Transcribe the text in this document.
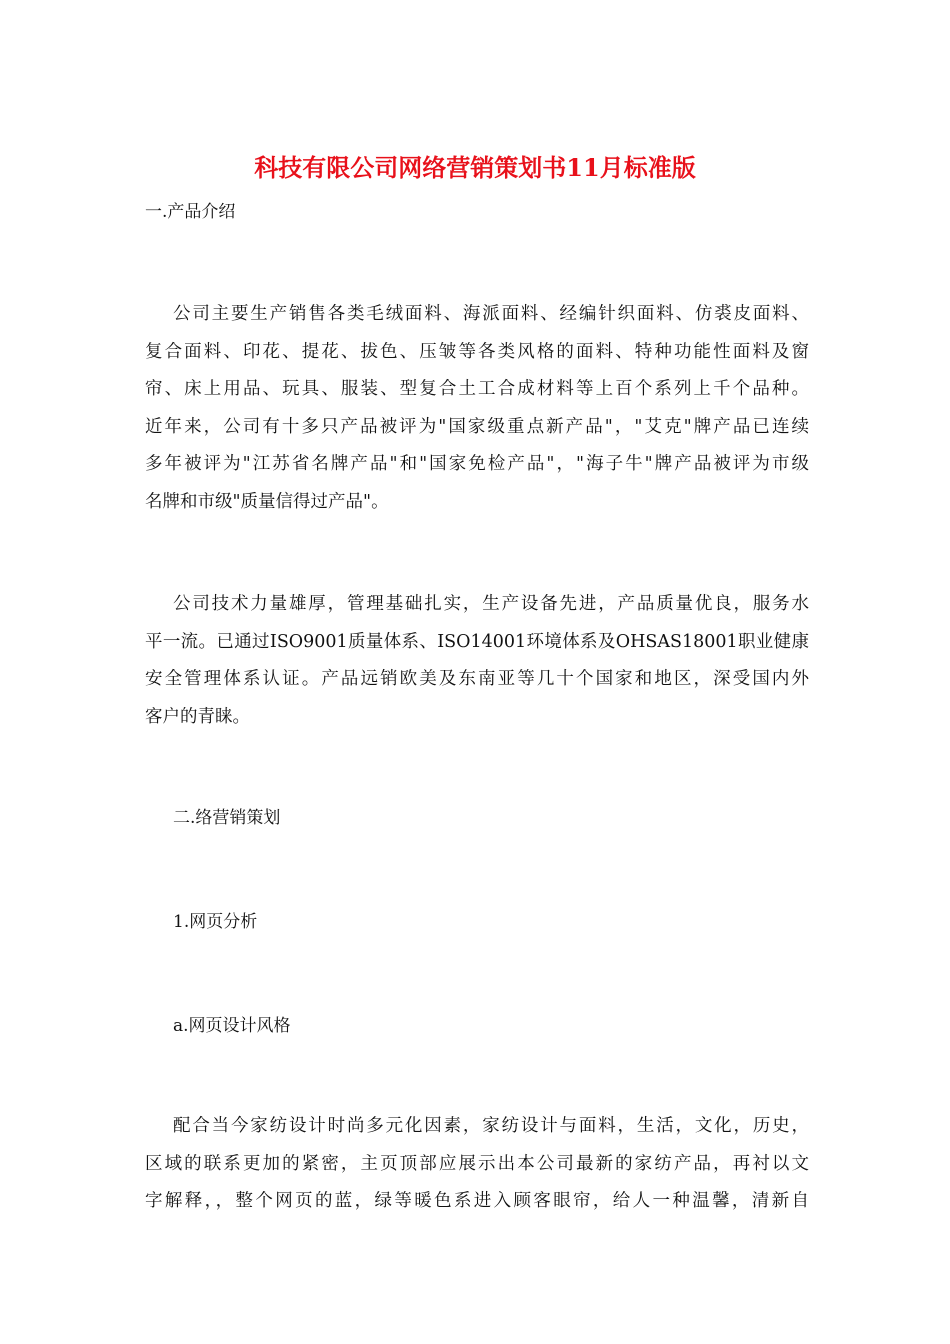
科技有限公司网络营销策划书11月标准版

一.产品介绍

公司主要生产销售各类毛绒面料、海派面料、经编针织面料、仿裘皮面料、
复合面料、印花、提花、拔色、压皱等各类风格的面料、特种功能性面料及窗
帘、床上用品、玩具、服装、型复合土工合成材料等上百个系列上千个品种。
近年来，公司有十多只产品被评为"国家级重点新产品"，"艾克"牌产品已连续
多年被评为"江苏省名牌产品"和"国家免检产品"，"海子牛"牌产品被评为市级
名牌和市级"质量信得过产品"。
公司技术力量雄厚，管理基础扎实，生产设备先进，产品质量优良，服务水
平一流。已通过ISO9001质量体系、ISO14001环境体系及OHSAS18001职业健康
安全管理体系认证。产品远销欧美及东南亚等几十个国家和地区，深受国内外
客户的青睐。

二.络营销策划

1.网页分析

a.网页设计风格

配合当今家纺设计时尚多元化因素，家纺设计与面料，生活，文化，历史，
区域的联系更加的紧密，主页顶部应展示出本公司最新的家纺产品，再衬以文
字解释，，整个网页的蓝，绿等暖色系进入顾客眼帘，给人一种温馨，清新自
